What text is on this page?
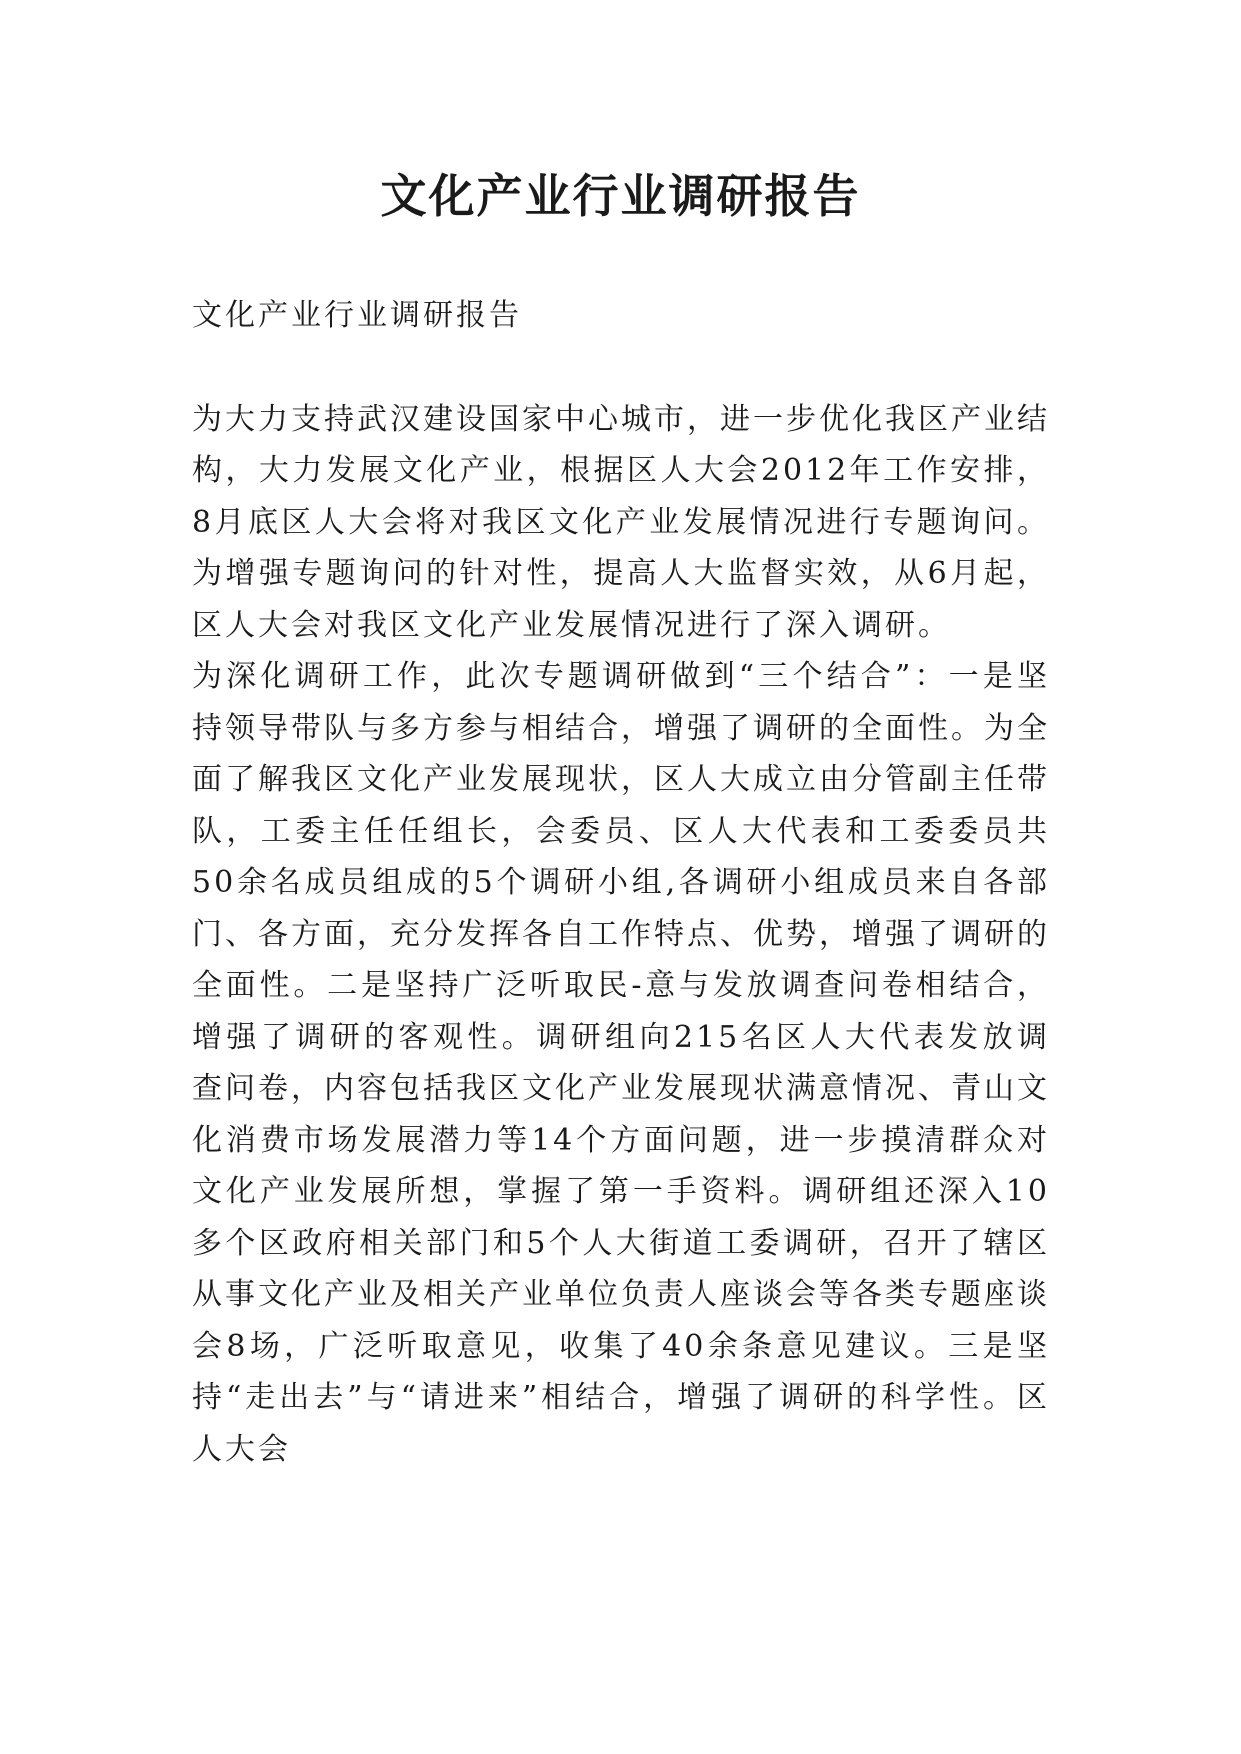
文化产业行业调研报告

文化产业行业调研报告

为大力支持武汉建设国家中心城市，进一步优化我区产业结构，大力发展文化产业，根据区人大会2012年工作安排，8月底区人大会将对我区文化产业发展情况进行专题询问。为增强专题询问的针对性，提高人大监督实效，从6月起，区人大会对我区文化产业发展情况进行了深入调研。

为深化调研工作，此次专题调研做到“三个结合”：一是坚持领导带队与多方参与相结合，增强了调研的全面性。为全面了解我区文化产业发展现状，区人大成立由分管副主任带队，工委主任任组长，会委员、区人大代表和工委委员共50余名成员组成的5个调研小组,各调研小组成员来自各部门、各方面，充分发挥各自工作特点、优势，增强了调研的全面性。二是坚持广泛听取民-意与发放调查问卷相结合，增强了调研的客观性。调研组向215名区人大代表发放调查问卷，内容包括我区文化产业发展现状满意情况、青山文化消费市场发展潜力等14个方面问题，进一步摸清群众对文化产业发展所想，掌握了第一手资料。调研组还深入10多个区政府相关部门和5个人大街道工委调研，召开了辖区从事文化产业及相关产业单位负责人座谈会等各类专题座谈会8场，广泛听取意见，收集了40余条意见建议。三是坚持“走出去”与“请进来”相结合，增强了调研的科学性。区人大会
